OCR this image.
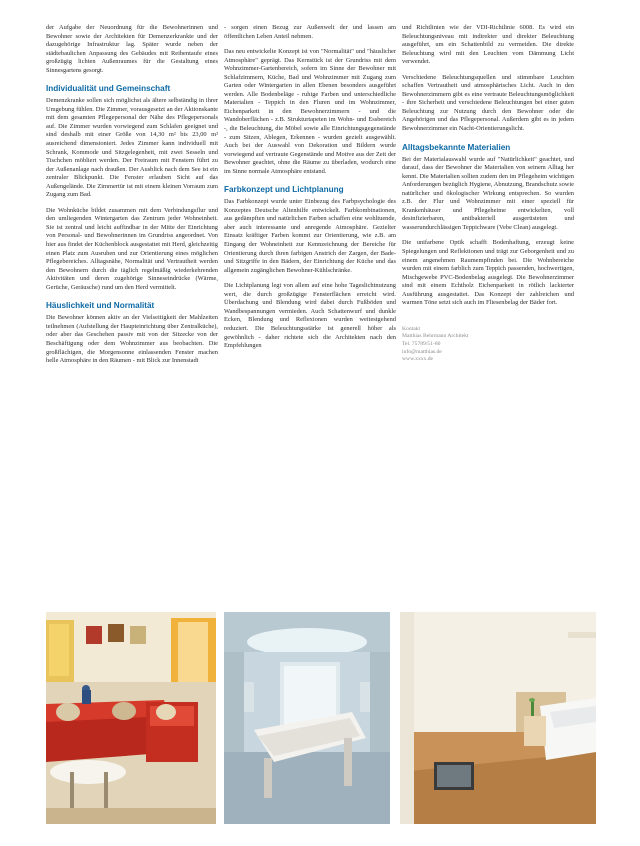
der Aufgabe der Neuordnung für die Bewohnerinnen und Bewohner sowie der Architekten für Demenzerkrankte und der dazugehörige Infrastruktur lag. Später wurde neben der städtebaulichen Anpassung des Gebäudes mit Reibentaufe eines großzügig lichten Außenraumes für die Gestaltung eines Sinnesgartens gesorgt.

Individualität und Gemeinschaft

Demenzkranke sollen sich möglichst als ältere selbständig in ihrer Umgebung fühlen. Die Zimmer, vorausgesetzt an der Aktionskante mit dem gesamten Pflegepersonal der Nähe des Pflegepersonals auf. Die Zimmer wurden vorwiegend zum Schlafen geeignet und sind deshalb mit einer Größe von 14,30 m² bis 23,00 m² ausreichend dimensioniert. Jedes Zimmer kann individuell mit Schrank, Kommode und Sitzgelegenheit, mit zwei Sesseln und Tischchen möbliert werden. Der Freiraum mit Fenstern führt zu der Außenanlage nach draußen. Der Ausblick nach dem See ist ein zentraler Blickpunkt. Die Fenster erlauben Sicht auf das Außengelände. Die Zimmertür ist mit einem kleinen Vorraum zum Zugang zum Bad.

Die Wohnküche bildet zusammen mit dem Verbindungsflur und den umliegenden Wintergarten das Zentrum jeder Wohneinheit. Sie ist zentral und leicht auffindbar in der Mitte der Einrichtung von Personal- und Bewohnerinnen im Grundriss angeordnet. Von hier aus findet der Küchenblock ausgestattet mit Herd, gleichzeitig einen Platz zum Ausruhen und zur Orientierung eines möglichen Pflegebereiches. Alltagsnähe, Normalität und Vertrautheit werden den Bewohnern durch die täglich regelmäßig wiederkehrenden Aktivitäten und deren zugehörige Sinneseindrücke (Wärme, Gerüche, Geräusche) rund um den Herd vermittelt.

Häuslichkeit und Normalität

Die Bewohner können aktiv an der Vielseitigkeit der Mahlzeiten teilnehmen (Aufstellung der Haupteinrichtung über Zentralküche), oder aber das Geschehen passiv mit von der Sitzecke von der Beschäftigung oder dem Wohnzimmer aus beobachten. Die großflächigen, die Morgensonne einlassenden Fenster machen helle Atmosphäre in den Räumen - mit Blick zur Innenstadt

- sorgen einen Bezug zur Außenwelt der und lassen am öffentlichen Leben Anteil nehmen.

Das neu entwickelte Konzept ist von "Normalität" und "häuslicher Atmosphäre" geprägt. Das Kernstück ist der Grundriss mit dem Wohnzimmer-Gartenbereich, sofern im Sinne der Bewohner mit Schlafzimmern, Küche, Bad und Wohnzimmer mit Zugang zum Garten oder Wintergarten in allen Ebenen besonders ausgeführt werden. Alle Bodenbeläge - ruhige Farben und unterschiedliche Materialien - Teppich in den Fluren und im Wohnzimmer, Eichenparkett in den Bewohnerzimmern - und die Wandoberflächen - z.B. Strukturtapeten im Wohn- und Essbereich -, die Beleuchtung, die Möbel sowie alle Einrichtungsgegenstände - zum Sitzen, Ablegen, Erkennen - wurden gezielt ausgewählt. Auch bei der Auswahl von Dekoration und Bildern wurde vorwiegend auf vertraute Gegenstände und Motive aus der Zeit der Bewohner geachtet, ohne die Räume zu überladen, wodurch eine im Sinne normale Atmosphäre entstand.

Farbkonzept und Lichtplanung

Das Farbkonzept wurde unter Einbezug des Farbpsychologie des Konzeptes Deutsche Altenhilfe entwickelt. Farbkombinationen, aus gedämpften und natürlichen Farben schaffen eine wohltuende, aber auch interessante und anregende Atmosphäre. Gezielter Einsatz kräftiger Farben kommt zur Orientierung, wie z.B. am Eingang der Wohneinheit zur Kennzeichnung der Bereiche für Orientierung durch ihren farbigen Anstrich der Zargen, der Bade- und Sitzgriffe in den Bädern, der Einrichtung der Küche und das allgemein zugänglichen Bewohner-Kühlschränke.

Die Lichtplanung legt von allem auf eine hohe Tageslichtnutzung wert, die durch großzügige Fensterflächen erreicht wird. Überdachung und Blendung wird dabei durch Fußböden und Wandbespannungen vermieden. Auch Schattenwurf und dunkle Ecken, Blendung und Reflexionen wurden weitestgehend reduziert. Die Beleuchtungsstärke ist generell höher als gewöhnlich - daher richtete sich die Architekten nach den Empfehlungen

und Richtlinien wie der VDI-Richtlinie 6008. Es wird ein Beleuchtungsniveau mit indirekter und direkter Beleuchtung ausgeführt, um ein Schattenbild zu vermeiden. Die direkte Beleuchtung wird mit den Leuchten vom Dämmung Licht verwendet.

Verschiedene Beleuchtungsquellen und stimmbare Leuchten schaffen Vertrautheit und atmosphärisches Licht. Auch in den Bewohnerzimmern gibt es eine vertraute Beleuchtungsmöglichkeit - ihre Sicherheit und verschiedene Beleuchtungen bei einer guten Beleuchtung zur Nutzung durch den Bewohner oder die Angehörigen und das Pflegepersonal. Außerdem gibt es in jedem Bewohnerzimmer ein Nacht-Orientierungslicht.

Alltagsbekannte Materialien

Bei der Materialauswahl wurde auf "Natürlichkeit" geachtet, und darauf, dass der Bewohner die Materialien von seinem Alltag her kennt. Die Materialien sollten zudem den im Pflegeheim wichtigen Anforderungen bezüglich Hygiene, Abnutzung, Brandschutz sowie natürlicher und ökologischer Wirkung entsprechen. So wurden z.B. der Flur und Wohnzimmer mit einer speziell für Krankenhäuser und Pflegeheime entwickelten, voll desinfizierbaren, antibakteriell ausgerüsteten und wasserundurchlässigen Teppichware (Vebe Clean) ausgelegt.

Die unifarbene Optik schafft Bodenhaftung, erzeugt keine Spiegelungen und Reflektionen und trägt zur Geborgenheit und zu einem angenehmen Raumempfinden bei. Die Wohnbereiche wurden mit einem farblich zum Teppich passenden, hochwertigen, Mischgewebe PVC-Bodenbelag ausgelegt. Die Bewohnerzimmer sind mit einem Echtholz Eichenparkett in rötlich lackierter Ausführung ausgestattet. Das Konzept der zahlreichen und warmen Töne setzt sich auch im Fliesenbelag der Bäder fort.

Kontakt
Matthias Behrmann Architekt
Tel. 75789/51-80
info@matthias.de
www.xxxx.de
